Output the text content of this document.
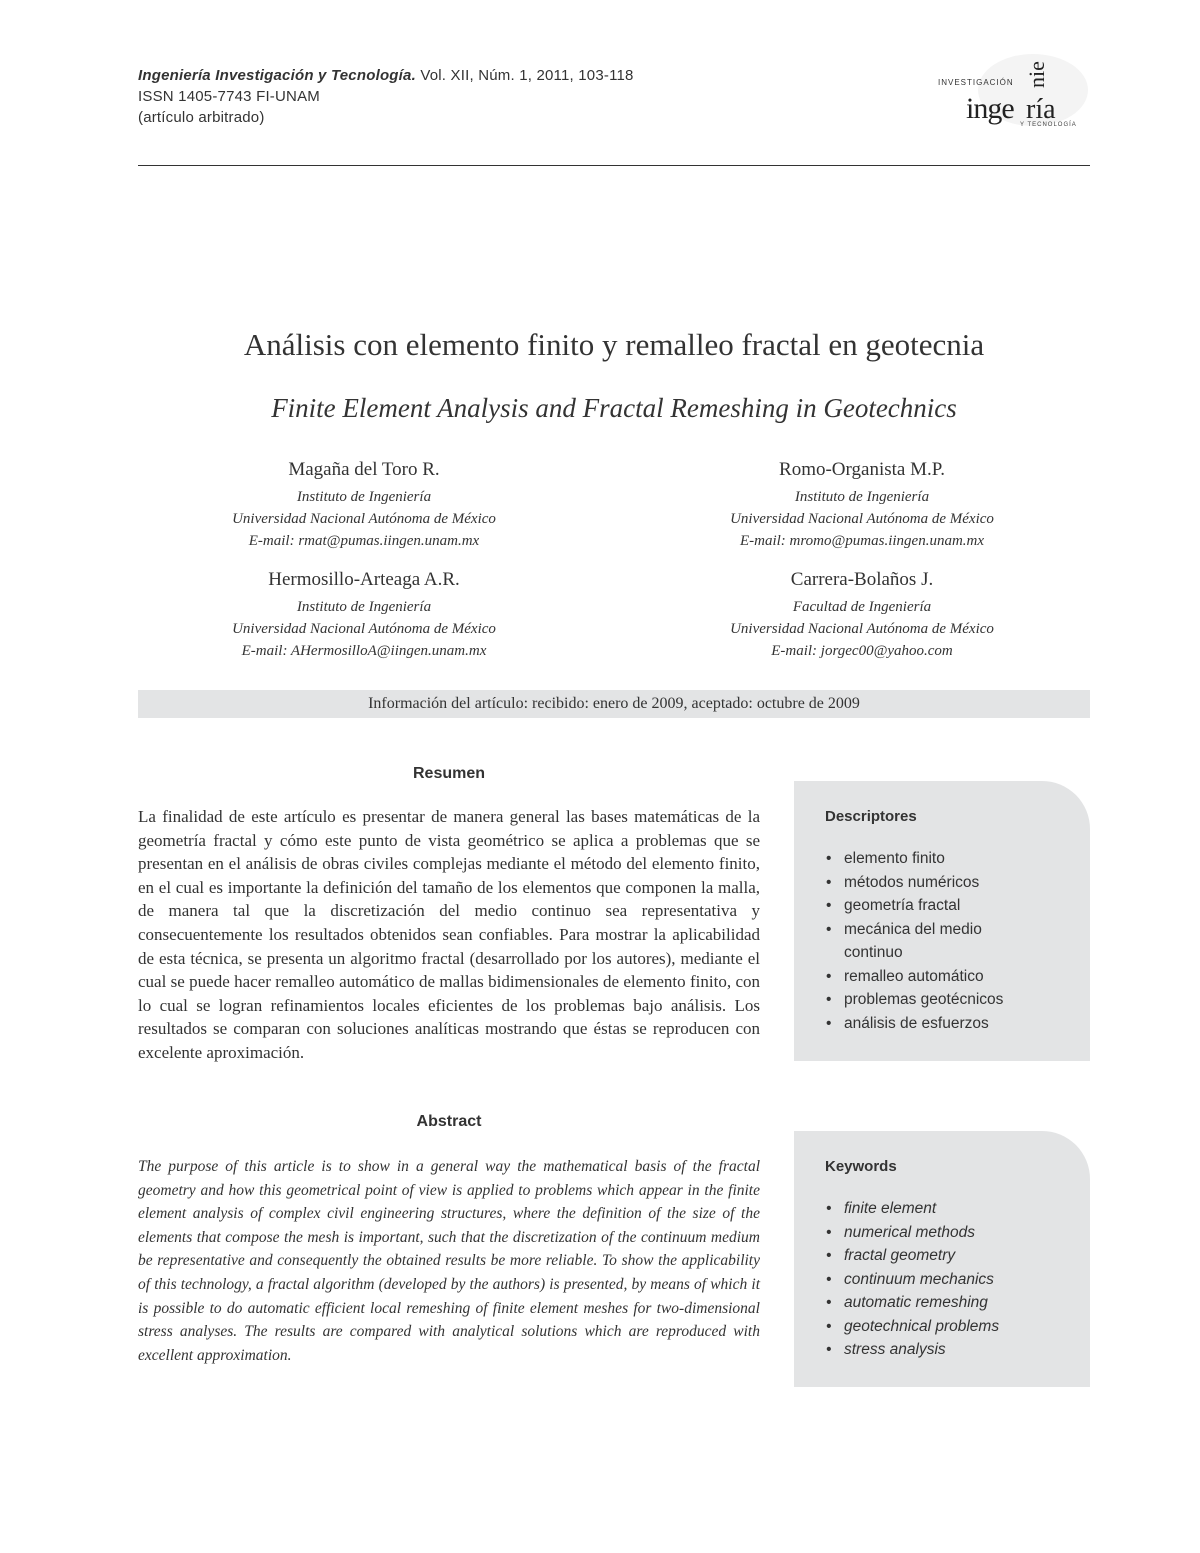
Ingeniería Investigación y Tecnología. Vol. XII, Núm. 1, 2011, 103-118
ISSN 1405-7743 FI-UNAM
(artículo arbitrado)
INVESTIGACIÓN
inge
nie
ría
Y TECNOLOGÍA
Análisis con elemento finito y remalleo fractal en geotecnia
Finite Element Analysis and Fractal Remeshing in Geotechnics
Magaña del Toro R.
Instituto de Ingeniería
Universidad Nacional Autónoma de México
E-mail: rmat@pumas.iingen.unam.mx
Romo-Organista M.P.
Instituto de Ingeniería
Universidad Nacional Autónoma de México
E-mail: mromo@pumas.iingen.unam.mx
Hermosillo-Arteaga A.R.
Instituto de Ingeniería
Universidad Nacional Autónoma de México
E-mail: AHermosilloA@iingen.unam.mx
Carrera-Bolaños J.
Facultad de Ingeniería
Universidad Nacional Autónoma de México
E-mail: jorgec00@yahoo.com
Información del artículo: recibido: enero de 2009, aceptado: octubre de 2009
Resumen
La finalidad de este artículo es presentar de manera general las bases matemáticas de la geometría fractal y cómo este punto de vista geométrico se aplica a problemas que se presentan en el análisis de obras civiles complejas mediante el método del elemento finito, en el cual es importante la definición del tamaño de los elementos que componen la malla, de manera tal que la discretización del medio continuo sea representativa y consecuentemente los resultados obtenidos sean confiables. Para mostrar la aplicabilidad de esta técnica, se presenta un algoritmo fractal (desarrollado por los autores), mediante el cual se puede hacer remalleo automático de mallas bidimensionales de elemento finito, con lo cual se logran refinamientos locales eficientes de los problemas bajo análisis. Los resultados se comparan con soluciones analíticas mostrando que éstas se reproducen con excelente aproximación.
Abstract
The purpose of this article is to show in a general way the mathematical basis of the fractal geometry and how this geometrical point of view is applied to problems which appear in the finite element analysis of complex civil engineering structures, where the definition of the size of the elements that compose the mesh is important, such that the discretization of the continuum medium be representative and consequently the obtained results be more reliable. To show the applicability of this technology, a fractal algorithm (developed by the authors) is presented, by means of which it is possible to do automatic efficient local remeshing of finite element meshes for two-dimensional stress analyses. The results are compared with analytical solutions which are reproduced with excellent approximation.
Descriptores
• elemento finito
• métodos numéricos
• geometría fractal
• mecánica del medio continuo
• remalleo automático
• problemas geotécnicos
• análisis de esfuerzos
Keywords
• finite element
• numerical methods
• fractal geometry
• continuum mechanics
• automatic remeshing
• geotechnical problems
• stress analysis
